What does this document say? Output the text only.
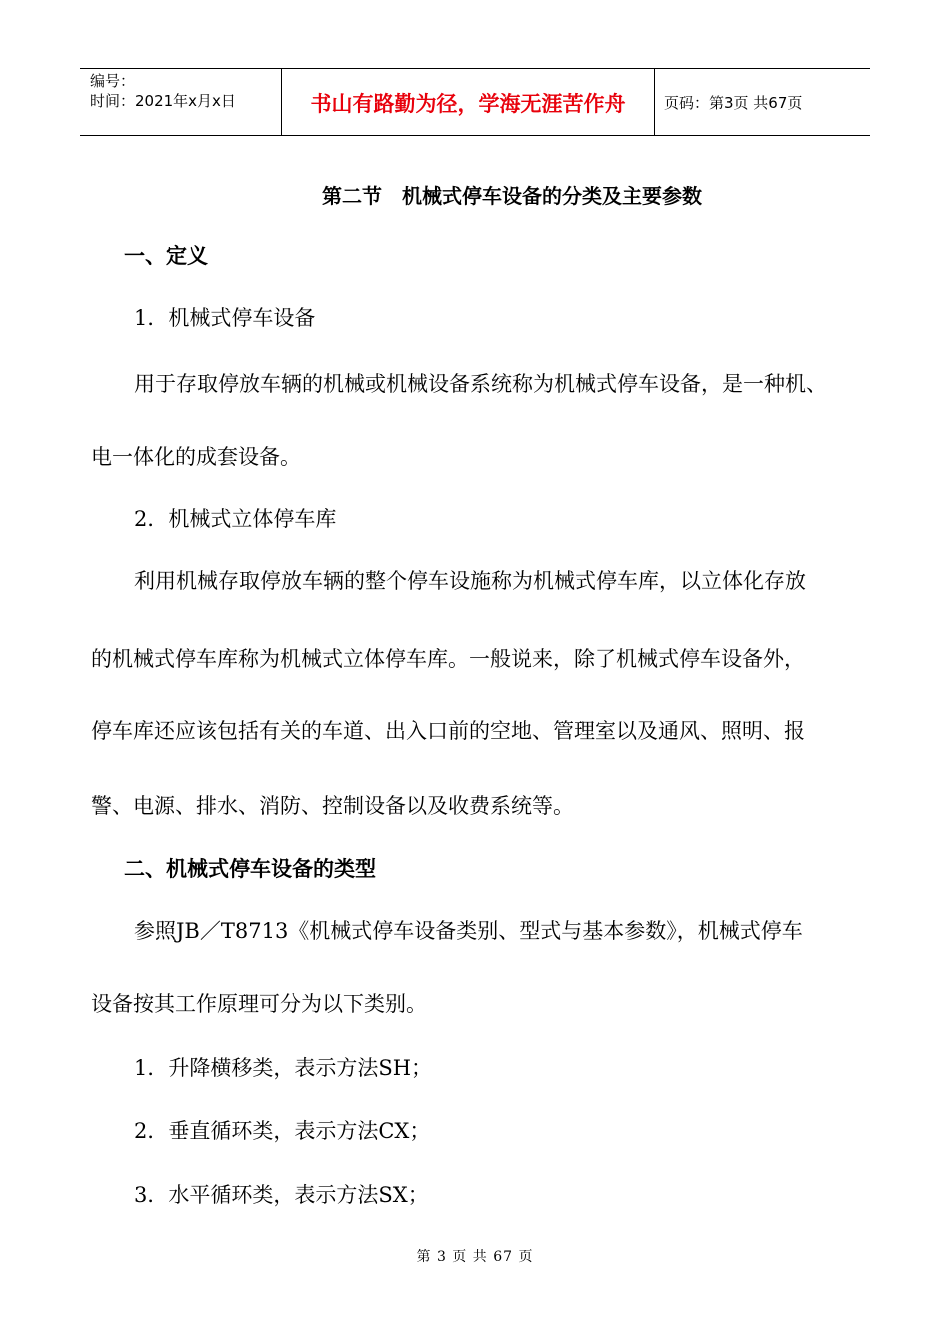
编号：
时间：2021年x月x日	书山有路勤为径，学海无涯苦作舟	页码：第3页 共67页
第二节　机械式停车设备的分类及主要参数
一、定义
1．机械式停车设备
用于存取停放车辆的机械或机械设备系统称为机械式停车设备，是一种机、
电一体化的成套设备。
2．机械式立体停车库
利用机械存取停放车辆的整个停车设施称为机械式停车库，以立体化存放
的机械式停车库称为机械式立体停车库。一般说来，除了机械式停车设备外，
停车库还应该包括有关的车道、出入口前的空地、管理室以及通风、照明、报
警、电源、排水、消防、控制设备以及收费系统等。
二、机械式停车设备的类型
参照JB／T8713《机械式停车设备类别、型式与基本参数》，机械式停车
设备按其工作原理可分为以下类别。
1．升降横移类，表示方法SH；
2．垂直循环类，表示方法CX；
3．水平循环类，表示方法SX；
第 3 页 共 67 页
